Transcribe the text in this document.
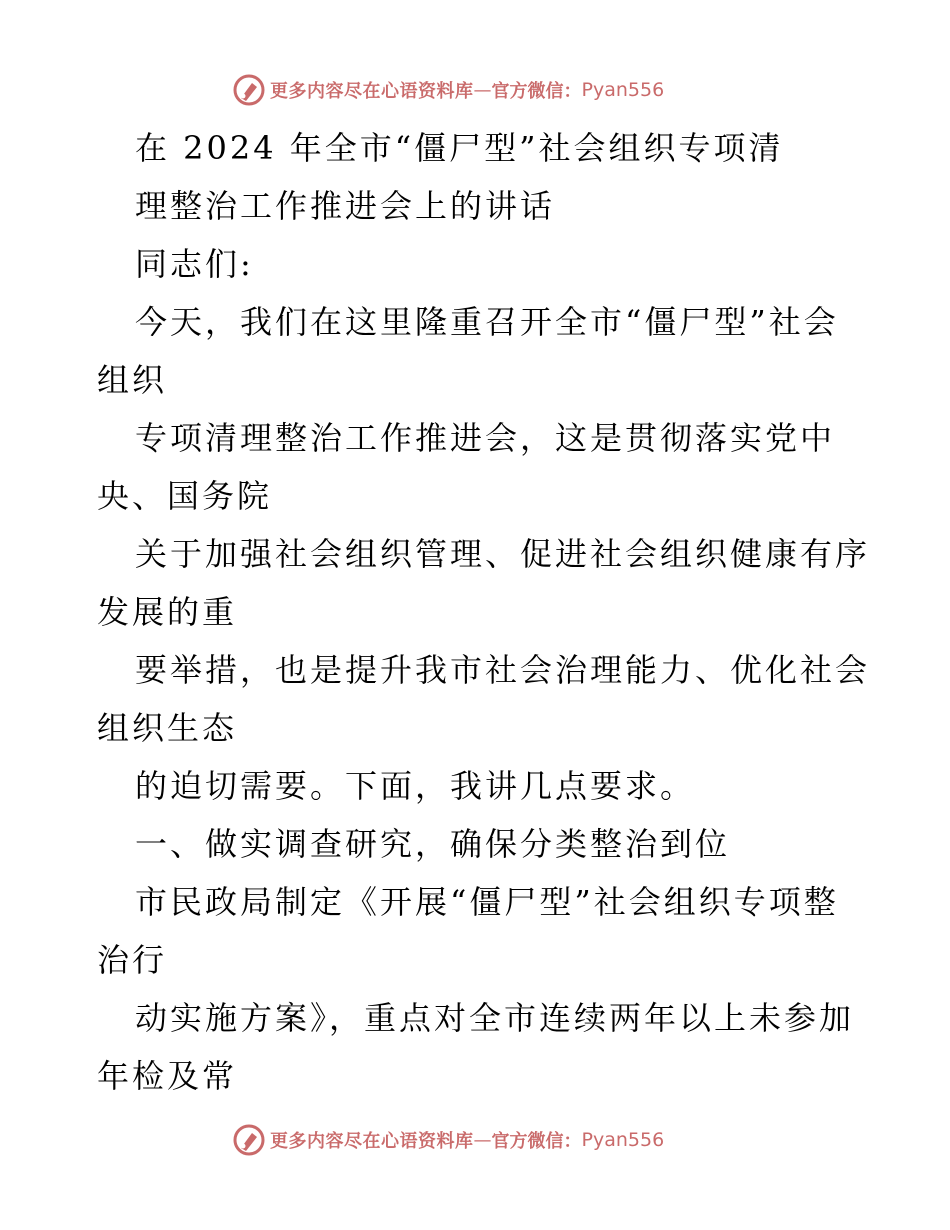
更多内容尽在心语资料库 — 官方微信： Pyan556
在 2024 年全市“僵尸型”社会组织专项清
理整治工作推进会上的讲话
同志们:
今天，我们在这里隆重召开全市“僵尸型”社会
组织
专项清理整治工作推进会，这是贯彻落实党中
央、国务院
关于加强社会组织管理、促进社会组织健康有序
发展的重
要举措，也是提升我市社会治理能力、优化社会
组织生态
的迫切需要。下面，我讲几点要求。
一、做实调查研究，确保分类整治到位
市民政局制定《开展“僵尸型”社会组织专项整
治行
动实施方案》，重点对全市连续两年以上未参加
年检及常
更多内容尽在心语资料库 — 官方微信： Pyan556
